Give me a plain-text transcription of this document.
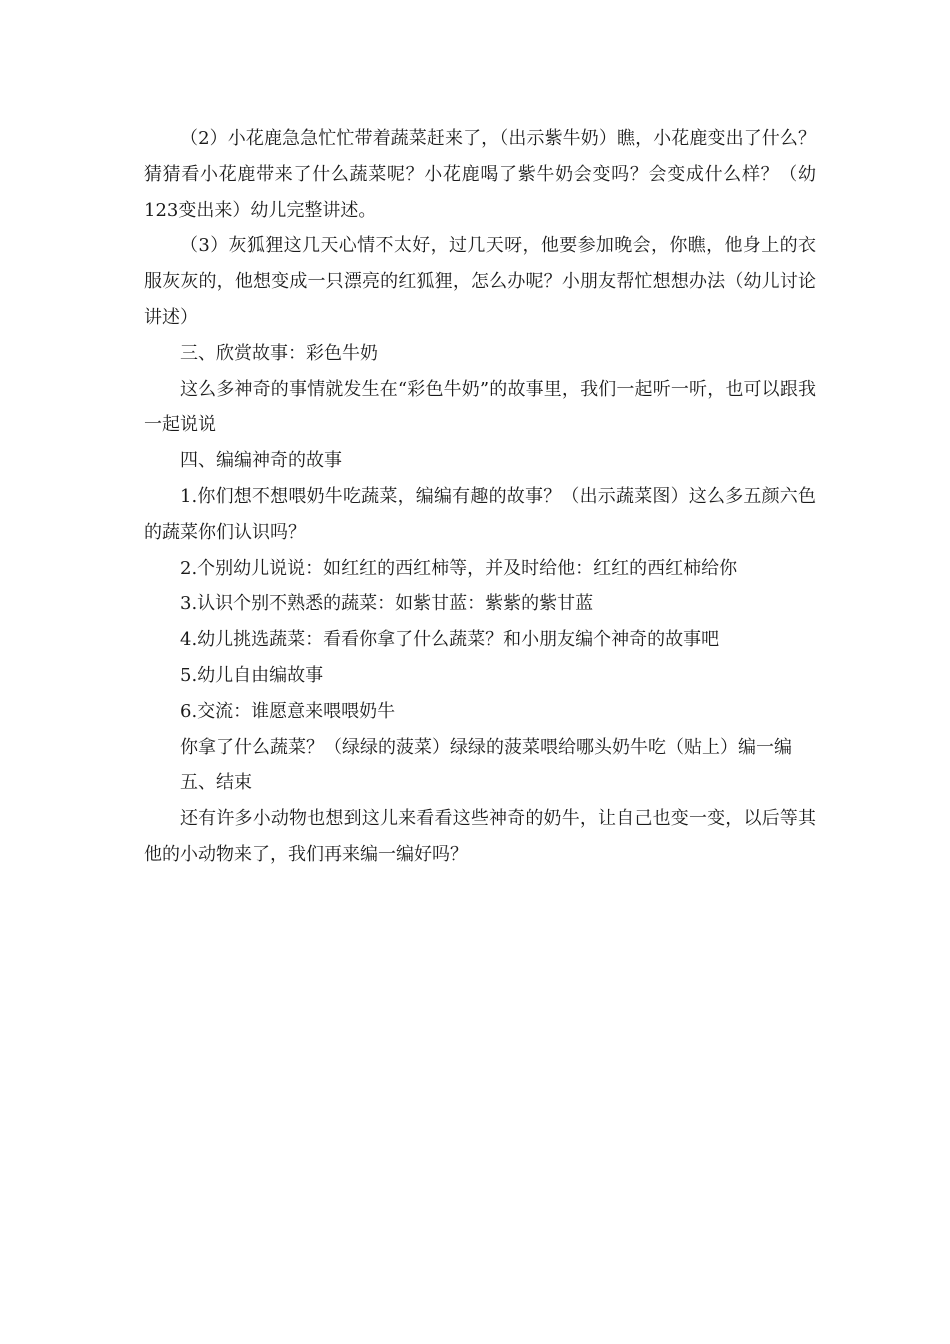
（2）小花鹿急急忙忙带着蔬菜赶来了，（出示紫牛奶）瞧，小花鹿变出了什么？猜猜看小花鹿带来了什么蔬菜呢？小花鹿喝了紫牛奶会变吗？会变成什么样？（幼123变出来）幼儿完整讲述。

（3）灰狐狸这几天心情不太好，过几天呀，他要参加晚会，你瞧，他身上的衣服灰灰的，他想变成一只漂亮的红狐狸，怎么办呢？小朋友帮忙想想办法（幼儿讨论讲述）

三、欣赏故事：彩色牛奶

这么多神奇的事情就发生在“彩色牛奶”的故事里，我们一起听一听，也可以跟我一起说说

四、编编神奇的故事

1.你们想不想喂奶牛吃蔬菜，编编有趣的故事？（出示蔬菜图）这么多五颜六色的蔬菜你们认识吗？

2.个别幼儿说说：如红红的西红柿等，并及时给他：红红的西红柿给你

3.认识个别不熟悉的蔬菜：如紫甘蓝：紫紫的紫甘蓝

4.幼儿挑选蔬菜：看看你拿了什么蔬菜？和小朋友编个神奇的故事吧

5.幼儿自由编故事

6.交流：谁愿意来喂喂奶牛

你拿了什么蔬菜？（绿绿的菠菜）绿绿的菠菜喂给哪头奶牛吃（贴上）编一编

五、结束

还有许多小动物也想到这儿来看看这些神奇的奶牛，让自己也变一变，以后等其他的小动物来了，我们再来编一编好吗？
